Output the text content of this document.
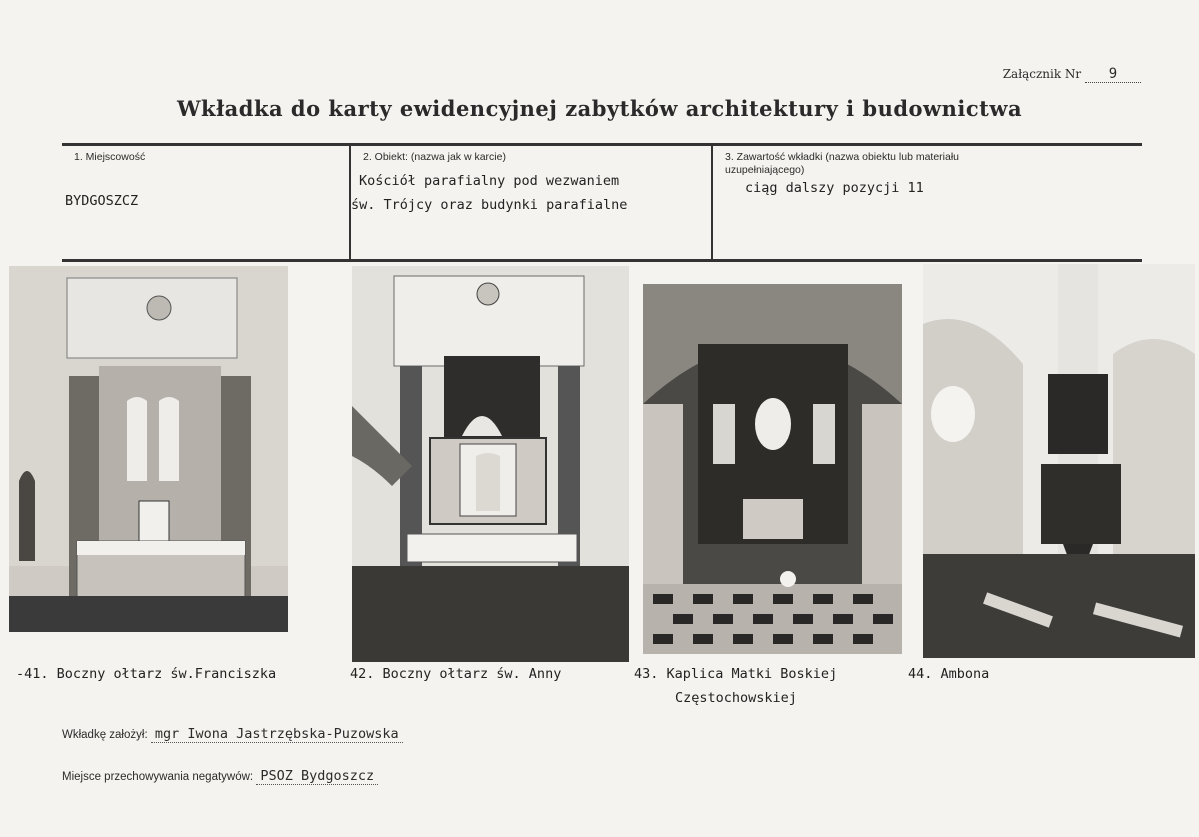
Załącznik Nr 9
Wkładka do karty ewidencyjnej zabytków architektury i budownictwa
1. Miejscowość
BYDGOSZCZ
2. Obiekt: (nazwa jak w karcie)
Kościół parafialny pod wezwaniem
św. Trójcy oraz budynki parafialne
3. Zawartość wkładki (nazwa obiektu lub materiału
uzupełniającego)
ciąg dalszy pozycji 11
-41. Boczny ołtarz św.Franciszka	42. Boczny ołtarz św. Anny	43. Kaplica Matki Boskiej
Częstochowskiej
44. Ambona
Wkładkę założył: mgr Iwona Jastrzębska-Puzowska
Miejsce przechowywania negatywów: PSOZ Bydgoszcz
